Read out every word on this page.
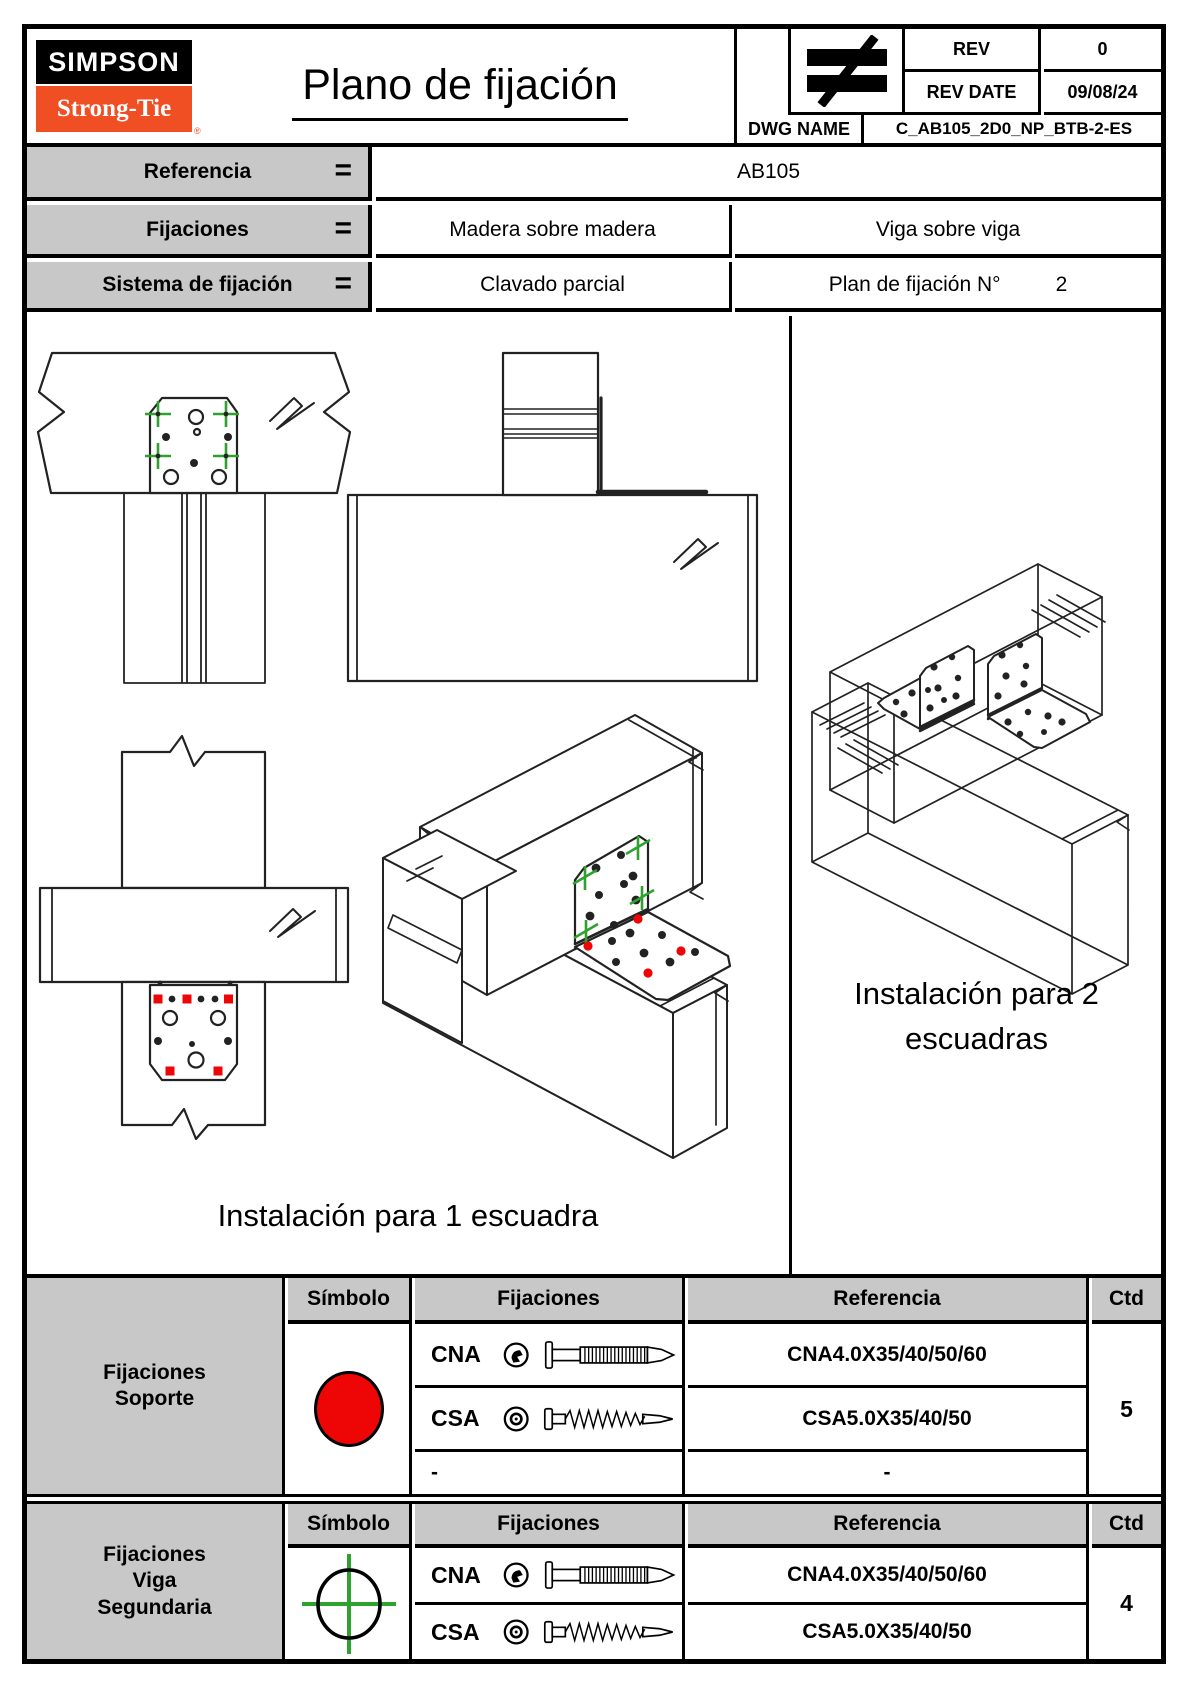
SIMPSON
Strong-Tie
®
Plano de fijación
REV	0
REV DATE	09/08/24
DWG NAME	C_AB105_2D0_NP_BTB-2-ES
Referencia	=	AB105
Fijaciones	=	Madera sobre madera	Viga sobre viga
Sistema de fijación =	Clavado parcial	Plan de fijación N°	2
Instalación para 1 escuadra
Instalación para 2
escuadras
Fijaciones
Soporte
Símbolo	Fijaciones	Referencia	Ctd
CNA	CNA4.0X35/40/50/60
CSA	CSA5.0X35/40/50
-	-
5
Fijaciones
Viga
Segundaria
Símbolo	Fijaciones	Referencia	Ctd
CNA	CNA4.0X35/40/50/60
CSA	CSA5.0X35/40/50
4
